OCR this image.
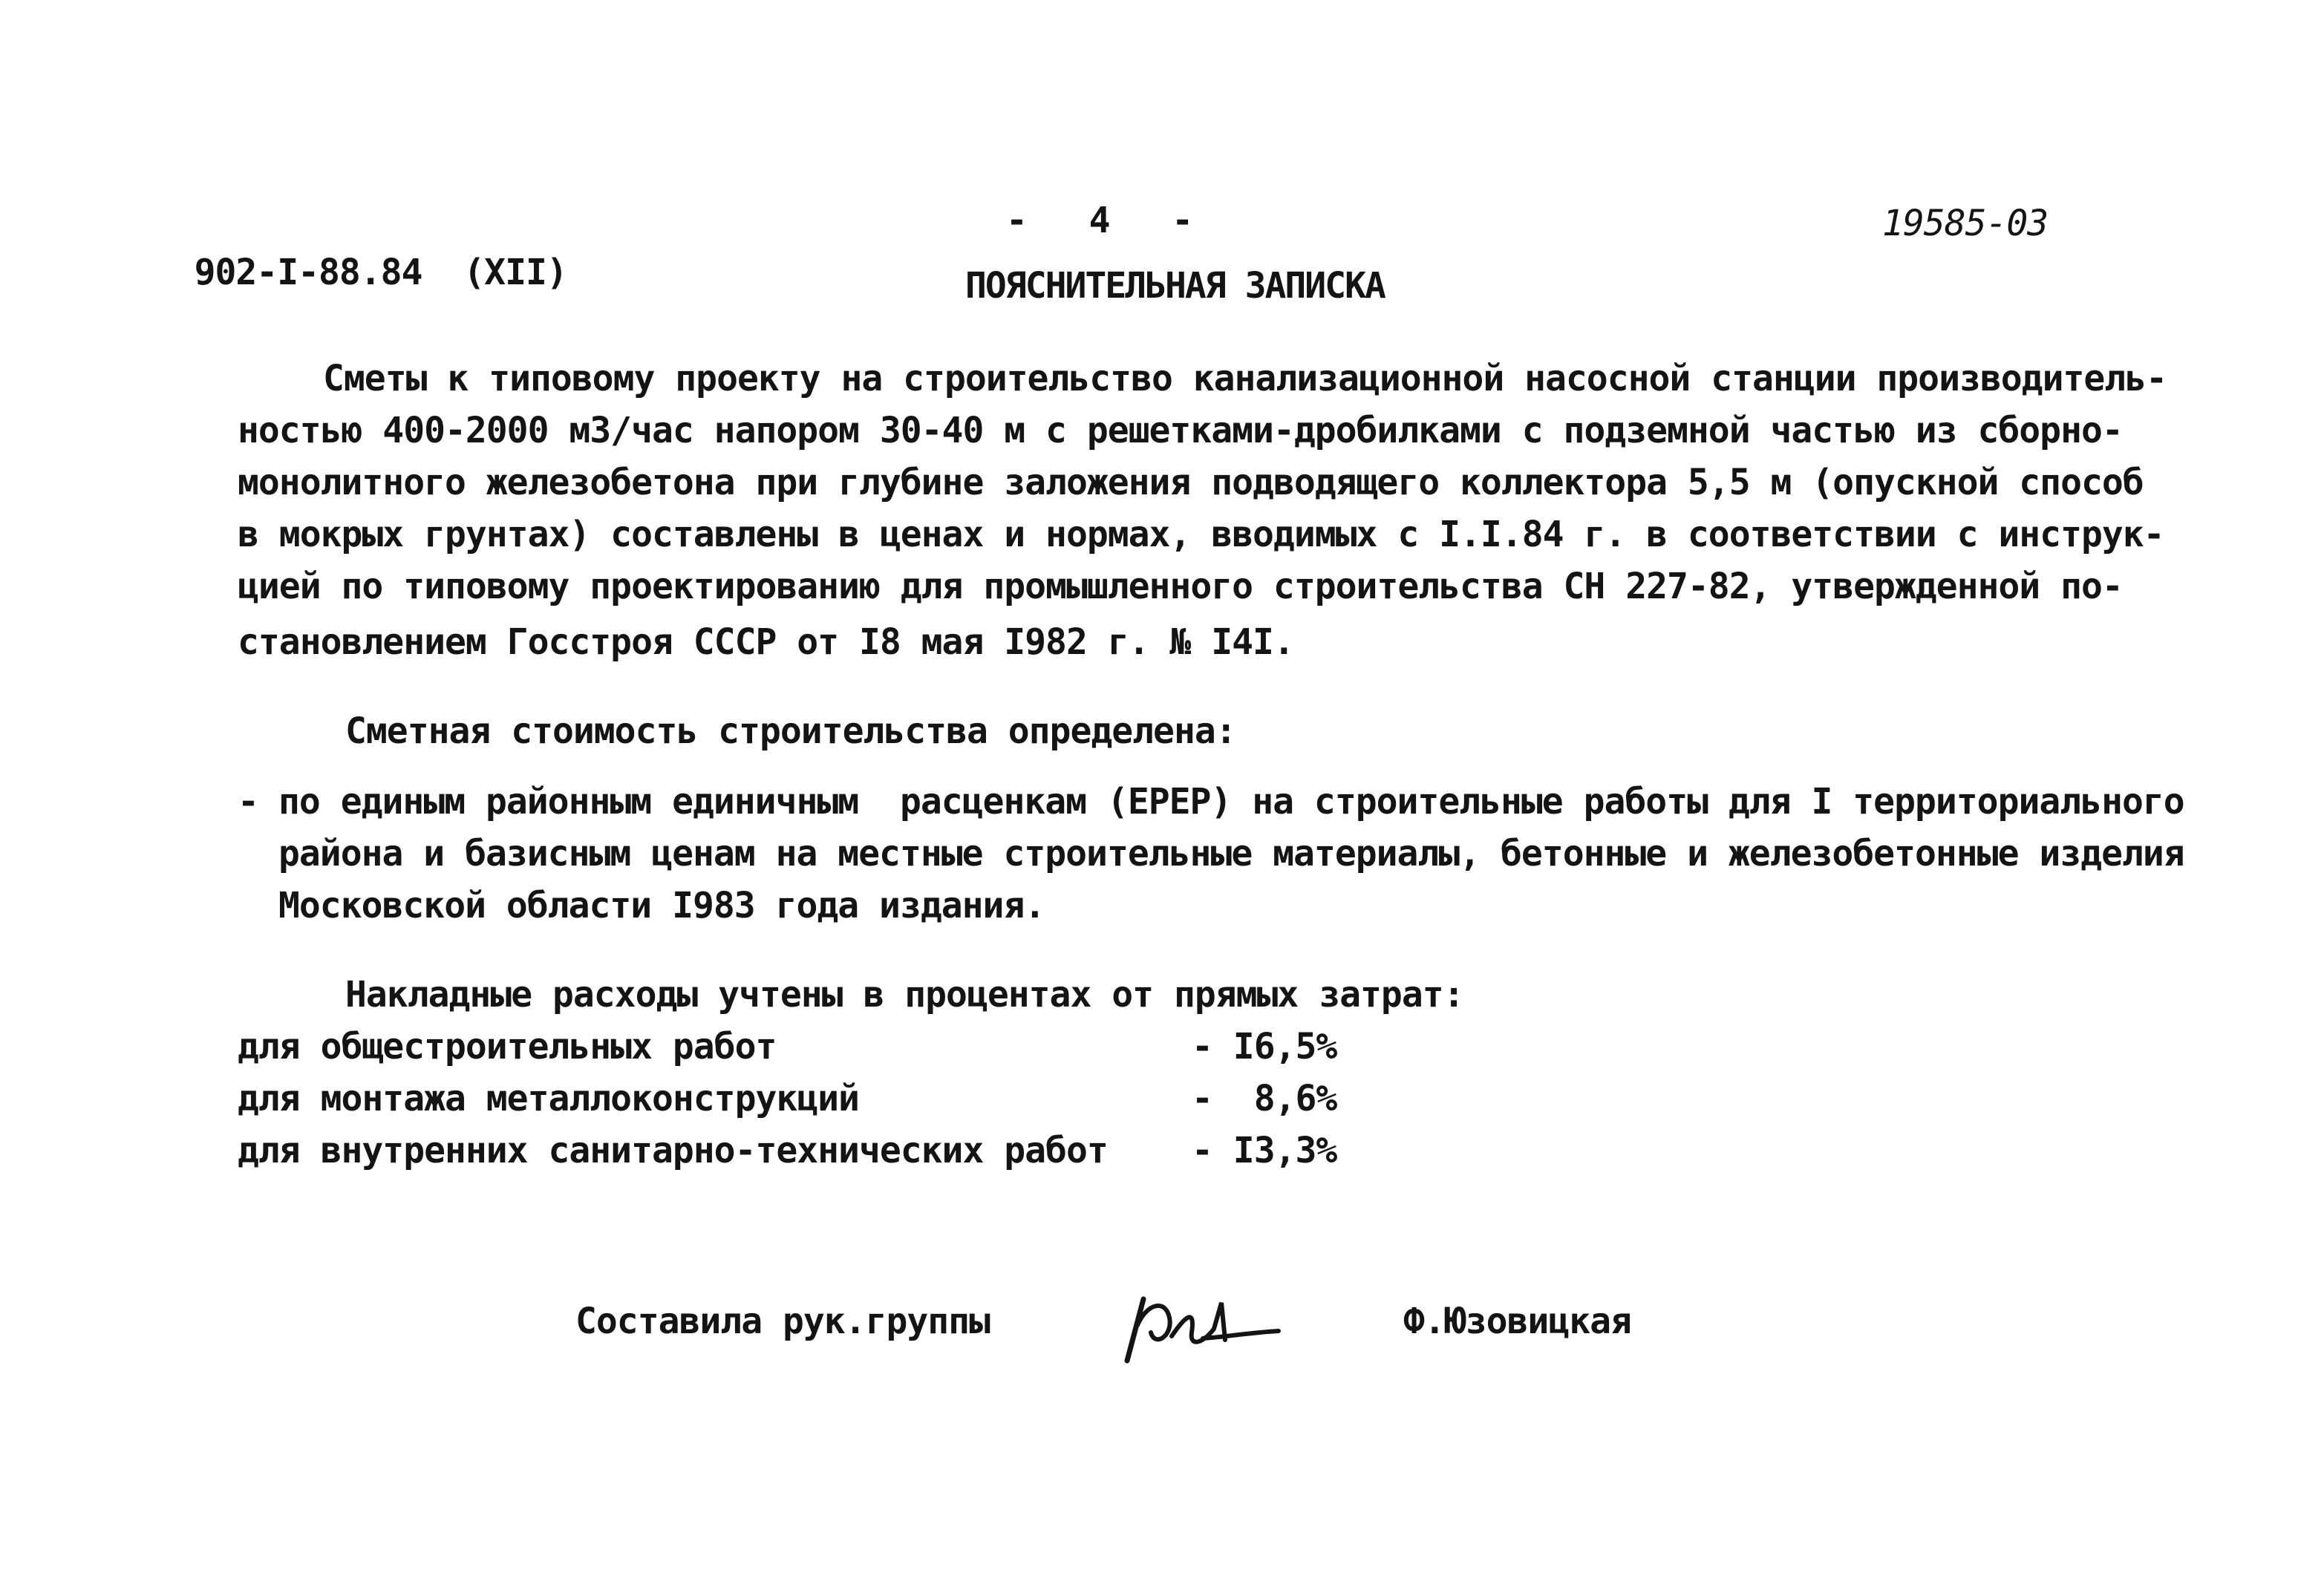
902-I-88.84 (XII)

-   4   -	19585-03
ПОЯСНИТЕЛЬНАЯ ЗАПИСКА
Сметы к типовому проекту на строительство канализационной насосной станции производитель-
ностью 400-2000 м3/час напором 30-40 м с решетками-дробилками с подземной частью из сборно-
монолитного железобетона при глубине заложения подводящего коллектора 5,5 м (опускной способ
в мокрых грунтах) составлены в ценах и нормах, вводимых с I.I.84 г. в соответствии с инструк-
цией по типовому проектированию для промышленного строительства СН 227-82, утвержденной по-
становлением Госстроя СССР от I8 мая I982 г. № I4I.
Сметная стоимость строительства определена:
- по единым районным единичным  расценкам (ЕРЕР) на строительные работы для I территориального
района и базисным ценам на местные строительные материалы, бетонные и железобетонные изделия
Московской области I983 года издания.
Накладные расходы учтены в процентах от прямых затрат:
для общестроительных работ	- I6,5%
для монтажа металлоконструкций	-  8,6%
для внутренних санитарно-технических работ - I3,3%
Составила рук.группы	Ф.Юзовицкая
